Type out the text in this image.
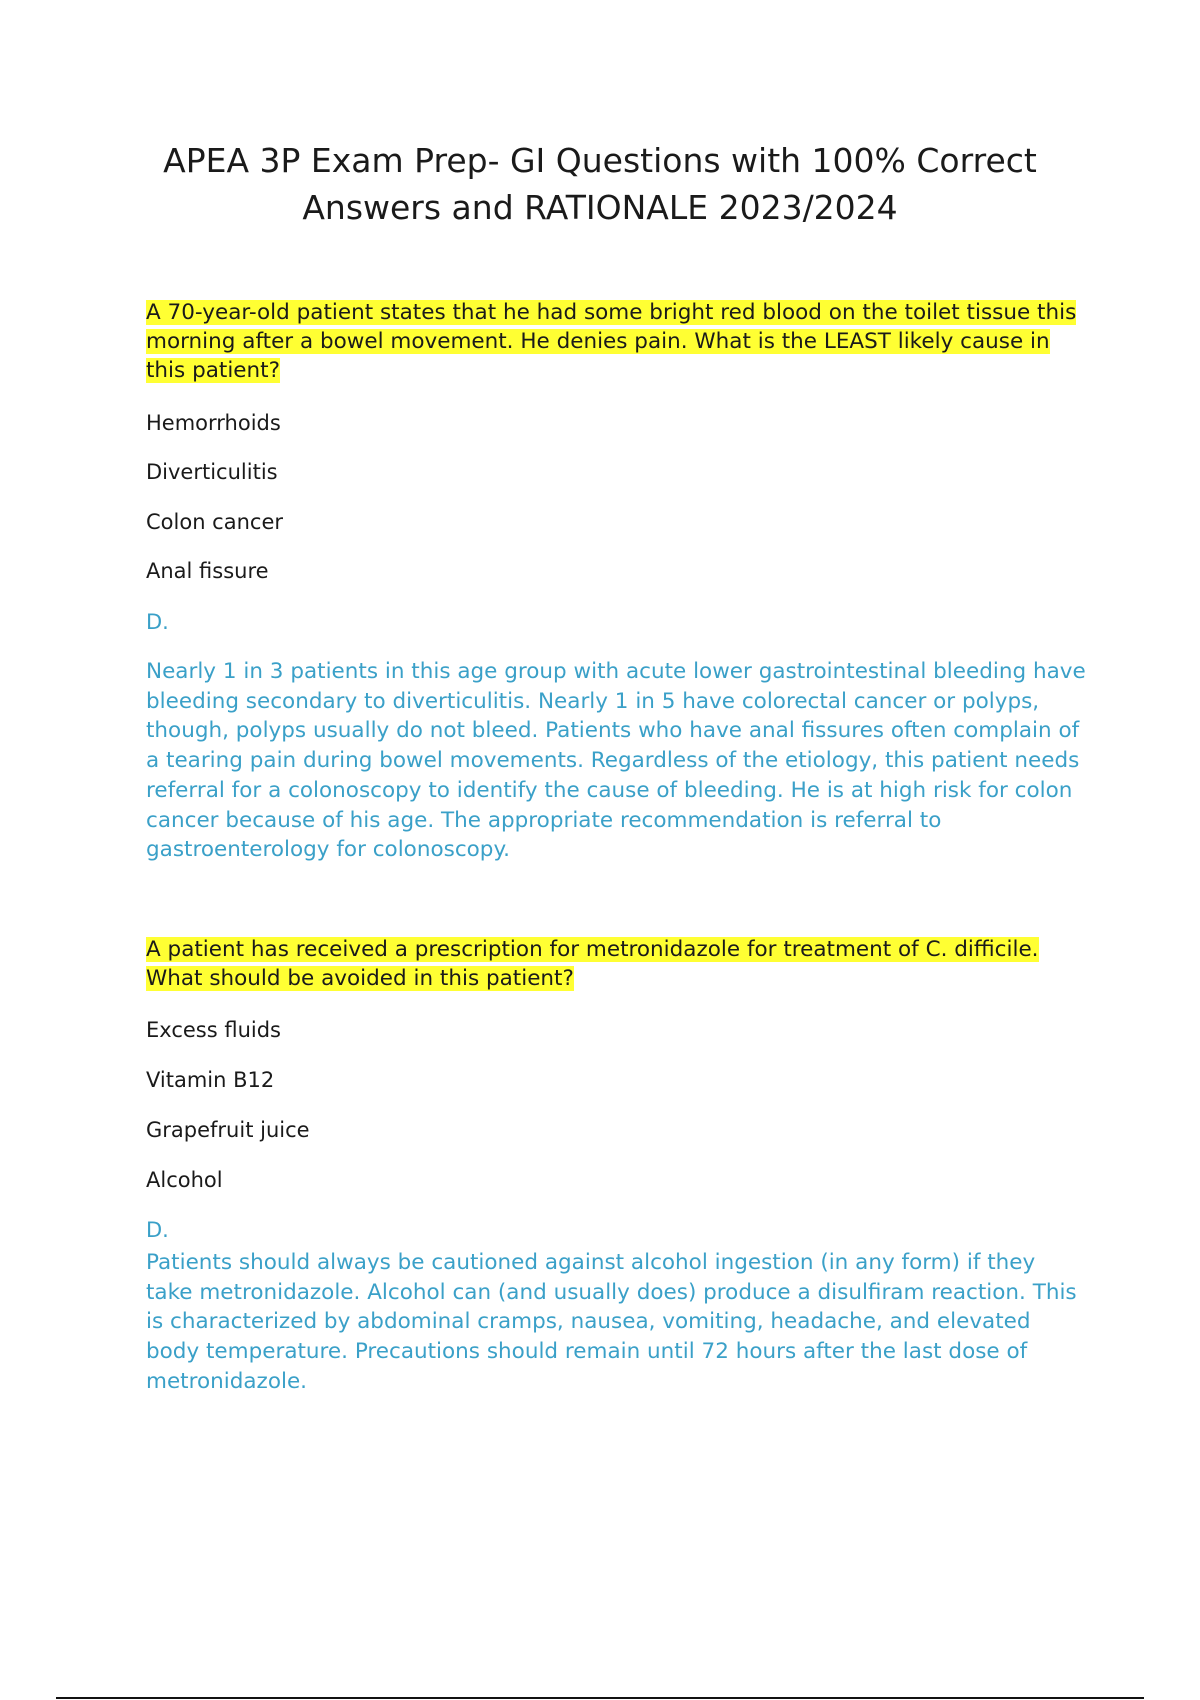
APEA 3P Exam Prep- GI Questions with 100% Correct Answers and RATIONALE 2023/2024

A 70-year-old patient states that he had some bright red blood on the toilet tissue this morning after a bowel movement. He denies pain. What is the LEAST likely cause in this patient?

Hemorrhoids

Diverticulitis

Colon cancer

Anal fissure

D.

Nearly 1 in 3 patients in this age group with acute lower gastrointestinal bleeding have bleeding secondary to diverticulitis. Nearly 1 in 5 have colorectal cancer or polyps, though, polyps usually do not bleed. Patients who have anal fissures often complain of a tearing pain during bowel movements. Regardless of the etiology, this patient needs referral for a colonoscopy to identify the cause of bleeding. He is at high risk for colon cancer because of his age. The appropriate recommendation is referral to gastroenterology for colonoscopy.

A patient has received a prescription for metronidazole for treatment of C. difficile. What should be avoided in this patient?

Excess fluids

Vitamin B12

Grapefruit juice

Alcohol

D.

Patients should always be cautioned against alcohol ingestion (in any form) if they take metronidazole. Alcohol can (and usually does) produce a disulfiram reaction. This is characterized by abdominal cramps, nausea, vomiting, headache, and elevated body temperature. Precautions should remain until 72 hours after the last dose of metronidazole.
